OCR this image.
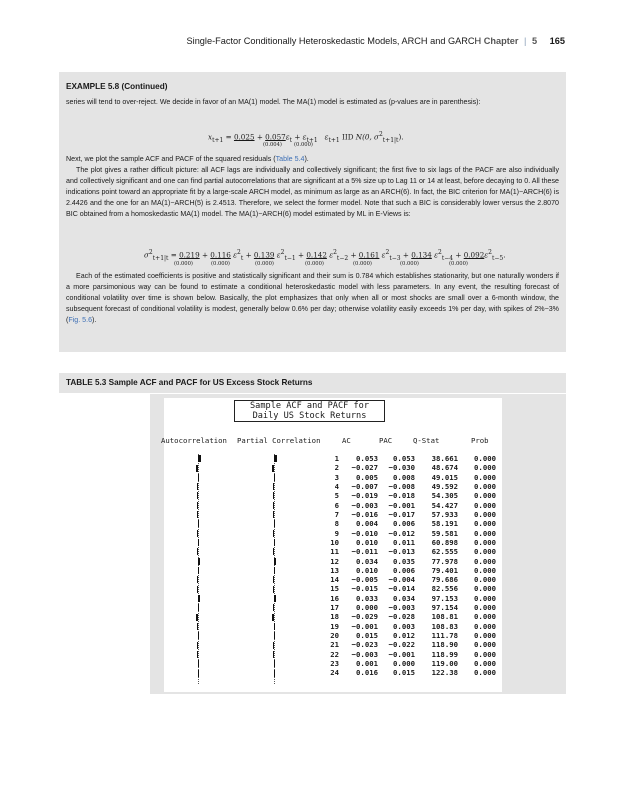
Single-Factor Conditionally Heteroskedastic Models, ARCH and GARCH Chapter | 5 165
EXAMPLE 5.8 (Continued)
series will tend to over-reject. We decide in favor of an MA(1) model. The MA(1) model is estimated as (p-values are in parenthesis):
$x_{t+1} = 0.025 + 0.057\varepsilon_t + \varepsilon_{t+1}$ $\varepsilon_{t+1}$ IID N(0, $\sigma^2_{t+1|t}$).
(0.004) (0.000)
Next, we plot the sample ACF and PACF of the squared residuals (Table 5.4).
The plot gives a rather difficult picture: all ACF lags are individually and collectively significant; the first five to six lags of the PACF are also individually and collectively significant and one can find partial autocorrelations that are significant at a 5% size up to Lag 11 or 14 at least, before decaying to 0. All these indications point toward an appropriate fit by a large-scale ARCH model, as minimum as large as an ARCH(6). In fact, the BIC criterion for MA(1)−ARCH(6) is 2.4426 and the one for an MA(1)−ARCH(5) is 2.4513. Therefore, we select the former model. Note that such a BIC is considerably lower versus the 2.8070 BIC obtained from a homoskedastic MA(1) model. The MA(1)−ARCH(6) model estimated by ML in E-Views is:
$\sigma^2_{t+1|t} = 0.219 + 0.116$ $\varepsilon^2_t + 0.139$ $\varepsilon^2_{t-1} + 0.142$ $\varepsilon^2_{t-2} + 0.161$ $\varepsilon^2_{t-3} + 0.134$ $\varepsilon^2_{t-4} + 0.092\varepsilon^2_{t-5}$.
(0.000)	(0.000)	(0.000)	(0.000)	(0.000)	(0.000)	(0.000)
Each of the estimated coefficients is positive and statistically significant and their sum is 0.784 which establishes stationarity, but one naturally wonders if a more parsimonious way can be found to estimate a conditional heteroskedastic model with less parameters. In any event, the resulting forecast of conditional volatility over time is shown below. Basically, the plot emphasizes that only when all or most shocks are small over a 6-month window, the subsequent forecast of conditional volatility is modest, generally below 0.6% per day; otherwise volatility easily exceeds 1% per day, with spikes of 2%−3% (Fig. 5.6).
TABLE 5.3 Sample ACF and PACF for US Excess Stock Returns
Sample ACF and PACF for
Daily US Stock Returns
Autocorrelation Partial Correlation	AC	PAC	Q-Stat	Prob
1 0.053 0.053 38.661 0.000
2 −0.027 −0.030 48.674 0.000
3 0.005 0.008 49.015 0.000
4 −0.007 −0.008 49.592 0.000
5 −0.019 −0.018 54.305 0.000
6 −0.003 −0.001 54.427 0.000
7 −0.016 −0.017 57.933 0.000
8 0.004 0.006 58.191 0.000
9 −0.010 −0.012 59.581 0.000
10 0.010 0.011 60.898 0.000
11 −0.011 −0.013 62.555 0.000
12 0.034 0.035 77.978 0.000
13 0.010 0.006 79.401 0.000
14 −0.005 −0.004 79.686 0.000
15 −0.015 −0.014 82.556 0.000
16 0.033 0.034 97.153 0.000
17 0.000 −0.003 97.154 0.000
18 −0.029 −0.028 108.81 0.000
19 −0.001 0.003 108.83 0.000
20 0.015 0.012 111.78 0.000
21 −0.023 −0.022 118.90 0.000
22 −0.003 −0.001 118.99 0.000
23 0.001 0.000 119.00 0.000
24 0.016 0.015 122.38 0.000
